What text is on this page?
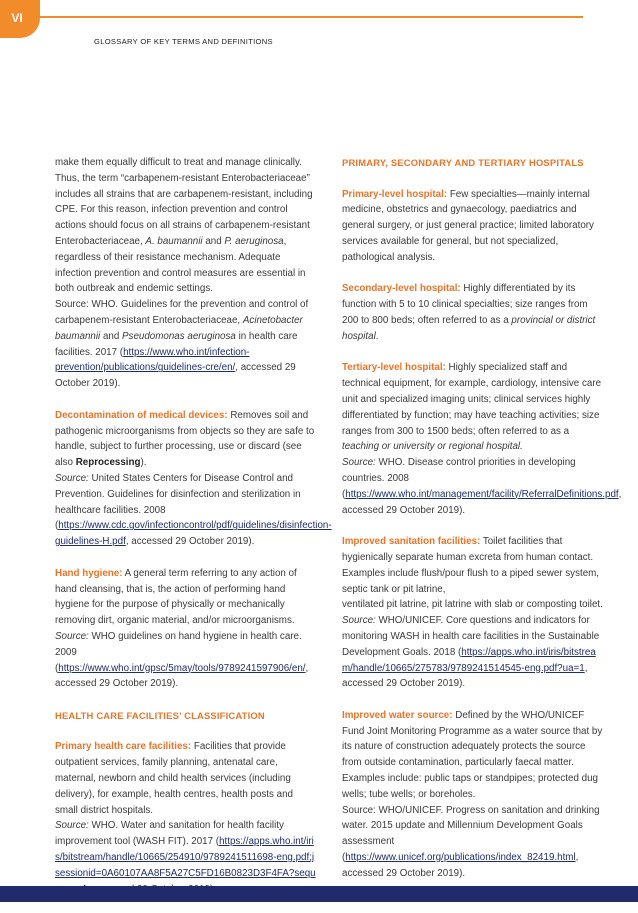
VI
GLOSSARY OF KEY TERMS AND DEFINITIONS

make them equally difficult to treat and manage clinically. Thus, the term “carbapenem-resistant Enterobacteriaceae” includes all strains that are carbapenem-resistant, including CPE. For this reason, infection prevention and control actions should focus on all strains of carbapenem-resistant Enterobacteriaceae, A. baumannii and P. aeruginosa, regardless of their resistance mechanism. Adequate infection prevention and control measures are essential in both outbreak and endemic settings.
Source: WHO. Guidelines for the prevention and control of carbapenem-resistant Enterobacteriaceae, Acinetobacter baumannii and Pseudomonas aeruginosa in health care facilities. 2017 (https://www.who.int/infection-prevention/publications/guidelines-cre/en/, accessed 29 October 2019).

Decontamination of medical devices: Removes soil and pathogenic microorganisms from objects so they are safe to handle, subject to further processing, use or discard (see also Reprocessing).
Source: United States Centers for Disease Control and Prevention. Guidelines for disinfection and sterilization in healthcare facilities. 2008 (https://www.cdc.gov/infectioncontrol/pdf/guidelines/disinfection-guidelines-H.pdf, accessed 29 October 2019).

Hand hygiene: A general term referring to any action of hand cleansing, that is, the action of performing hand hygiene for the purpose of physically or mechanically removing dirt, organic material, and/or microorganisms.
Source: WHO guidelines on hand hygiene in health care. 2009 (https://www.who.int/gpsc/5may/tools/9789241597906/en/, accessed 29 October 2019).

HEALTH CARE FACILITIES’ CLASSIFICATION

Primary health care facilities: Facilities that provide outpatient services, family planning, antenatal care, maternal, newborn and child health services (including delivery), for example, health centres, health posts and small district hospitals.
Source: WHO. Water and sanitation for health facility improvement tool (WASH FIT). 2017 (https://apps.who.int/iris/bitstream/handle/10665/254910/9789241511698-eng.pdf;jsessionid=0A60107AA8F5A27C5FD16B0823D3F4FA?sequ

PRIMARY, SECONDARY AND TERTIARY HOSPITALS

Primary-level hospital: Few specialties—mainly internal medicine, obstetrics and gynaecology, paediatrics and general surgery, or just general practice; limited laboratory services available for general, but not specialized, pathological analysis.

Secondary-level hospital: Highly differentiated by its function with 5 to 10 clinical specialties; size ranges from 200 to 800 beds; often referred to as a provincial or district hospital.

Tertiary-level hospital: Highly specialized staff and technical equipment, for example, cardiology, intensive care unit and specialized imaging units; clinical services highly differentiated by function; may have teaching activities; size ranges from 300 to 1500 beds; often referred to as a teaching or university or regional hospital.
Source: WHO. Disease control priorities in developing countries. 2008 (https://www.who.int/management/facility/ReferralDefinitions.pdf, accessed 29 October 2019).

Improved sanitation facilities: Toilet facilities that hygienically separate human excreta from human contact. Examples include flush/pour flush to a piped sewer system, septic tank or pit latrine,
ventilated pit latrine, pit latrine with slab or composting toilet.
Source: WHO/UNICEF. Core questions and indicators for monitoring WASH in health care facilities in the Sustainable Development Goals. 2018 (https://apps.who.int/iris/bitstream/handle/10665/275783/9789241514545-eng.pdf?ua=1, accessed 29 October 2019).

Improved water source: Defined by the WHO/UNICEF Fund Joint Monitoring Programme as a water source that by its nature of construction adequately protects the source from outside contamination, particularly faecal matter. Examples include: public taps or standpipes; protected dug wells; tube wells; or boreholes.
Source: WHO/UNICEF. Progress on sanitation and drinking water. 2015 update and Millennium Development Goals assessment (https://www.unicef.org/publications/index_82419.html, accessed 29 October 2019).
